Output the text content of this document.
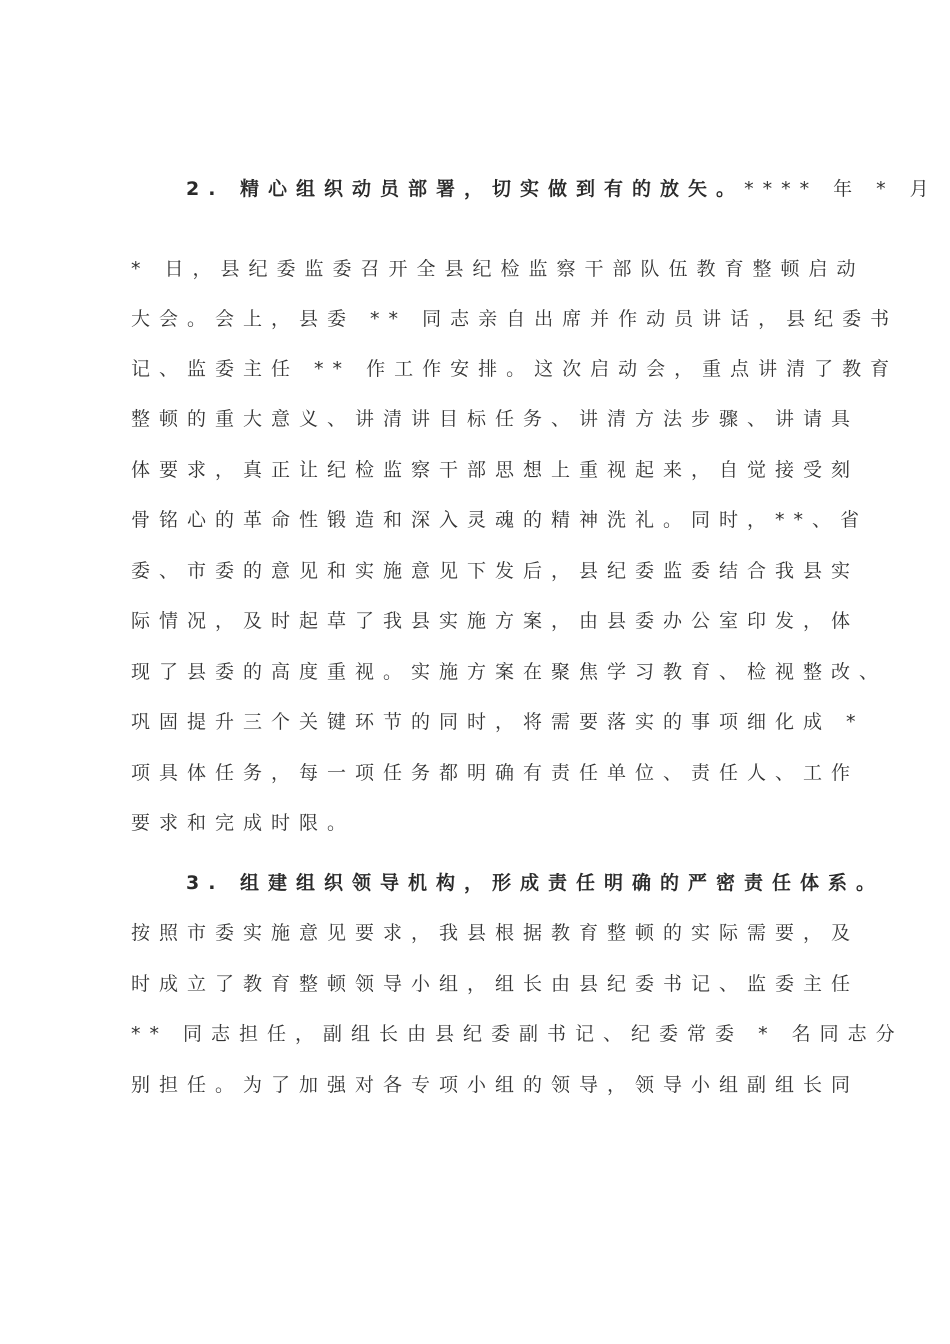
2. 精心组织动员部署，切实做到有的放矢。**** 年 * 月
* 日，县纪委监委召开全县纪检监察干部队伍教育整顿启动
大会。会上，县委 ** 同志亲自出席并作动员讲话，县纪委书
记、监委主任 ** 作工作安排。这次启动会，重点讲清了教育
整顿的重大意义、讲清讲目标任务、讲清方法步骤、讲请具
体要求，真正让纪检监察干部思想上重视起来，自觉接受刻
骨铭心的革命性锻造和深入灵魂的精神洗礼。同时，**、省
委、市委的意见和实施意见下发后，县纪委监委结合我县实
际情况，及时起草了我县实施方案，由县委办公室印发，体
现了县委的高度重视。实施方案在聚焦学习教育、检视整改、
巩固提升三个关键环节的同时，将需要落实的事项细化成 *
项具体任务，每一项任务都明确有责任单位、责任人、工作
要求和完成时限。
3. 组建组织领导机构，形成责任明确的严密责任体系。
按照市委实施意见要求，我县根据教育整顿的实际需要，及
时成立了教育整顿领导小组，组长由县纪委书记、监委主任
** 同志担任，副组长由县纪委副书记、纪委常委 * 名同志分
别担任。为了加强对各专项小组的领导，领导小组副组长同
